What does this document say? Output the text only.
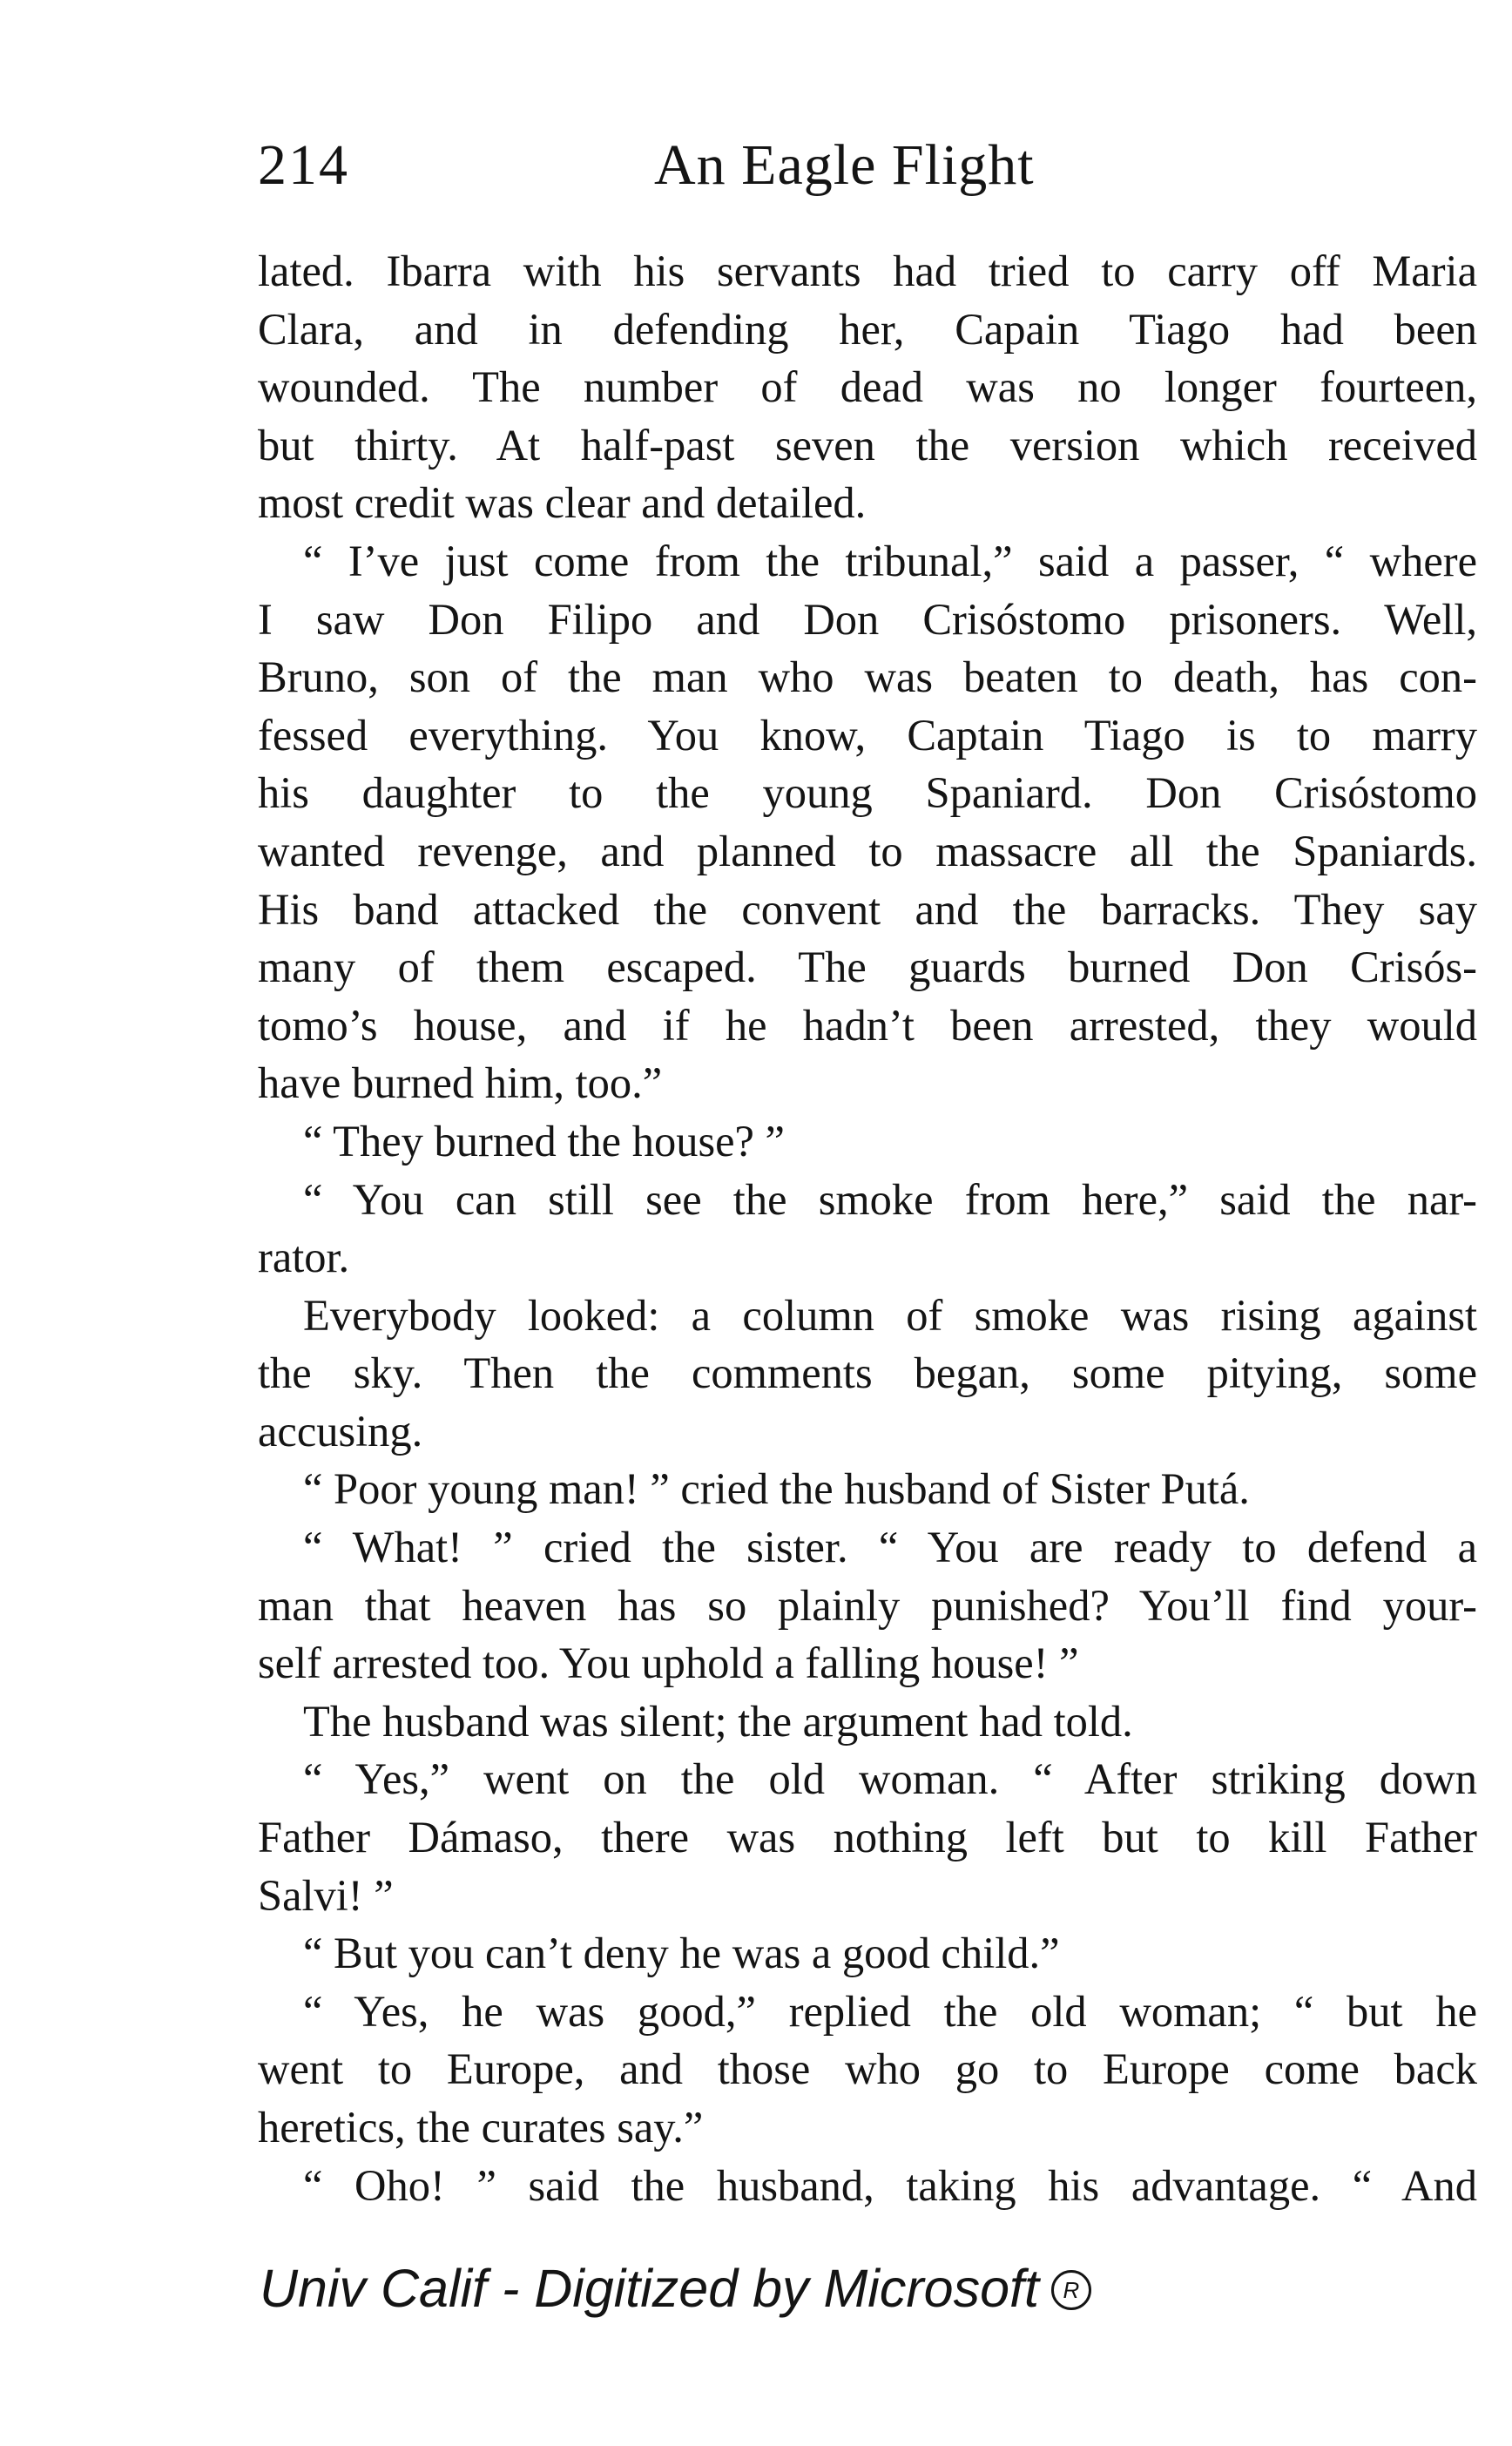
214	An Eagle Flight
lated. Ibarra with his servants had tried to carry off Maria
Clara, and in defending her, Capain Tiago had been
wounded. The number of dead was no longer fourteen,
but thirty. At half-past seven the version which received
most credit was clear and detailed.
“ I’ve just come from the tribunal,” said a passer, “ where
I saw Don Filipo and Don Crisóstomo prisoners. Well,
Bruno, son of the man who was beaten to death, has con-
fessed everything. You know, Captain Tiago is to marry
his daughter to the young Spaniard. Don Crisóstomo
wanted revenge, and planned to massacre all the Spaniards.
His band attacked the convent and the barracks. They say
many of them escaped. The guards burned Don Crisós-
tomo’s house, and if he hadn’t been arrested, they would
have burned him, too.”
“ They burned the house? ”
“ You can still see the smoke from here,” said the nar-
rator.
Everybody looked: a column of smoke was rising against
the sky. Then the comments began, some pitying, some
accusing.
“ Poor young man! ” cried the husband of Sister Putá.
“ What! ” cried the sister. “ You are ready to defend a
man that heaven has so plainly punished? You’ll find your-
self arrested too. You uphold a falling house! ”
The husband was silent; the argument had told.
“ Yes,” went on the old woman. “ After striking down
Father Dámaso, there was nothing left but to kill Father
Salvi! ”
“ But you can’t deny he was a good child.”
“ Yes, he was good,” replied the old woman; “ but he
went to Europe, and those who go to Europe come back
heretics, the curates say.”
“ Oho! ” said the husband, taking his advantage. “ And
Univ Calif - Digitized by Microsoft R
